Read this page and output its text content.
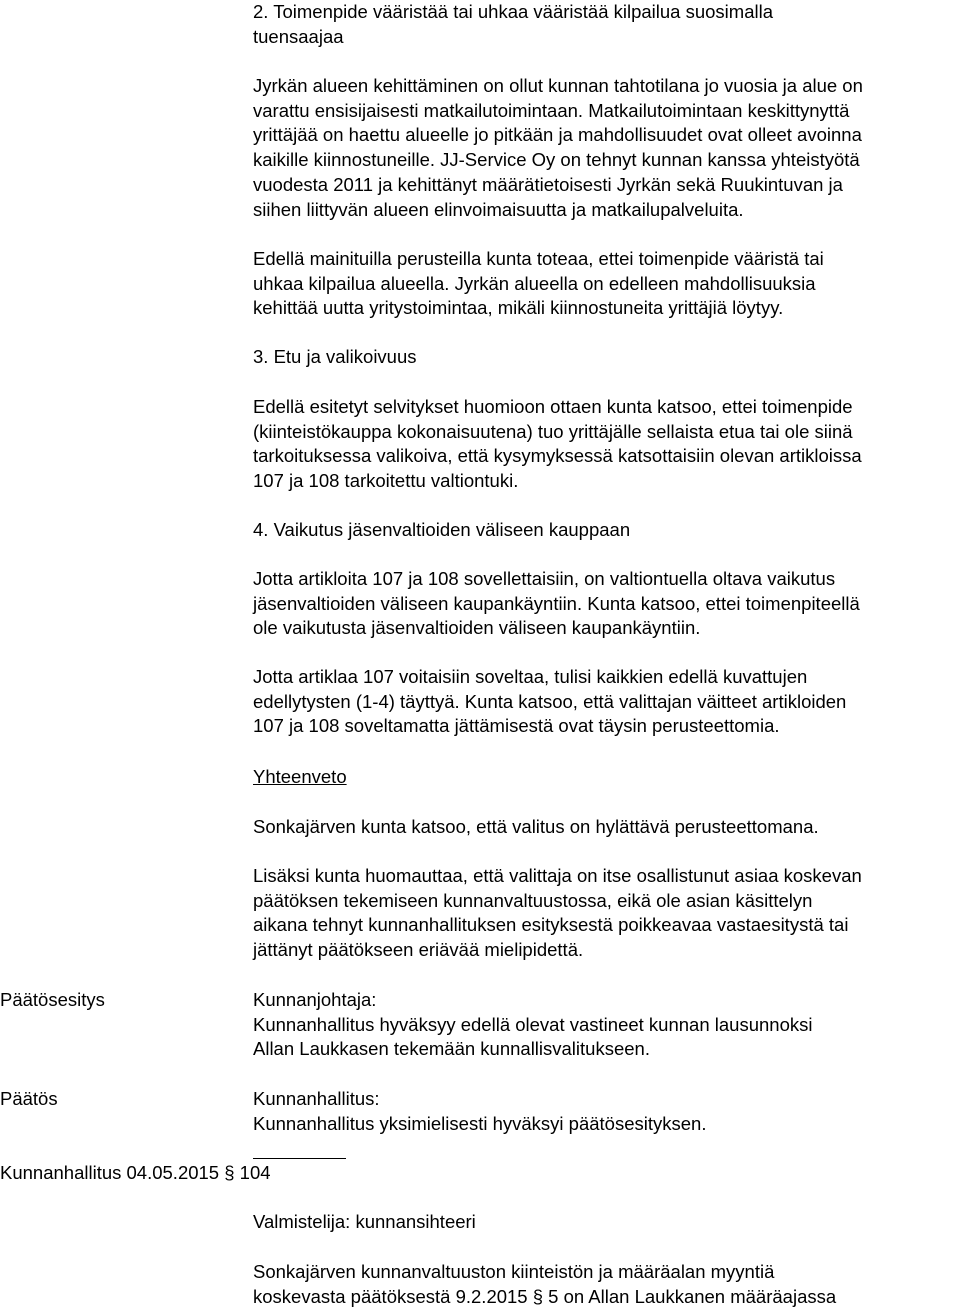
2. Toimenpide vääristää tai uhkaa vääristää kilpailua suosimalla
tuensaajaa
Jyrkän alueen kehittäminen on ollut kunnan tahtotilana jo vuosia ja alue on
varattu ensisijaisesti matkailutoimintaan. Matkailutoimintaan keskittynyttä
yrittäjää on haettu alueelle jo pitkään ja mahdollisuudet ovat olleet avoinna
kaikille kiinnostuneille. JJ-Service Oy on tehnyt kunnan kanssa yhteistyötä
vuodesta 2011 ja kehittänyt määrätietoisesti Jyrkän sekä Ruukintuvan ja
siihen liittyvän alueen elinvoimaisuutta ja matkailupalveluita.
Edellä mainituilla perusteilla kunta toteaa, ettei toimenpide vääristä tai
uhkaa kilpailua alueella. Jyrkän alueella on edelleen mahdollisuuksia
kehittää uutta yritystoimintaa, mikäli kiinnostuneita yrittäjiä löytyy.
3. Etu ja valikoivuus
Edellä esitetyt selvitykset huomioon ottaen kunta katsoo, ettei toimenpide
(kiinteistökauppa kokonaisuutena) tuo yrittäjälle sellaista etua tai ole siinä
tarkoituksessa valikoiva, että kysymyksessä katsottaisiin olevan artikloissa
107 ja 108 tarkoitettu valtiontuki.
4. Vaikutus jäsenvaltioiden väliseen kauppaan
Jotta artikloita 107 ja 108 sovellettaisiin, on valtiontuella oltava vaikutus
jäsenvaltioiden väliseen kaupankäyntiin. Kunta katsoo, ettei toimenpiteellä
ole vaikutusta jäsenvaltioiden väliseen kaupankäyntiin.
Jotta artiklaa 107 voitaisiin soveltaa, tulisi kaikkien edellä kuvattujen
edellytysten (1-4) täyttyä. Kunta katsoo, että valittajan väitteet artikloiden
107 ja 108 soveltamatta jättämisestä ovat täysin perusteettomia.
Yhteenveto
Sonkajärven kunta katsoo, että valitus on hylättävä perusteettomana.
Lisäksi kunta huomauttaa, että valittaja on itse osallistunut asiaa koskevan
päätöksen tekemiseen kunnanvaltuustossa, eikä ole asian käsittelyn
aikana tehnyt kunnanhallituksen esityksestä poikkeavaa vastaesitystä tai
jättänyt päätökseen eriävää mielipidettä.
Päätösesitys	Kunnanjohtaja:
Kunnanhallitus hyväksyy edellä olevat vastineet kunnan lausunnoksi
Allan Laukkasen tekemään kunnallisvalitukseen.
Päätös	Kunnanhallitus:
Kunnanhallitus yksimielisesti hyväksyi päätösesityksen.
Kunnanhallitus 04.05.2015 § 104
Valmistelija: kunnansihteeri
Sonkajärven kunnanvaltuuston kiinteistön ja määräalan myyntiä
koskevasta päätöksestä 9.2.2015 § 5 on Allan Laukkanen määräajassa
